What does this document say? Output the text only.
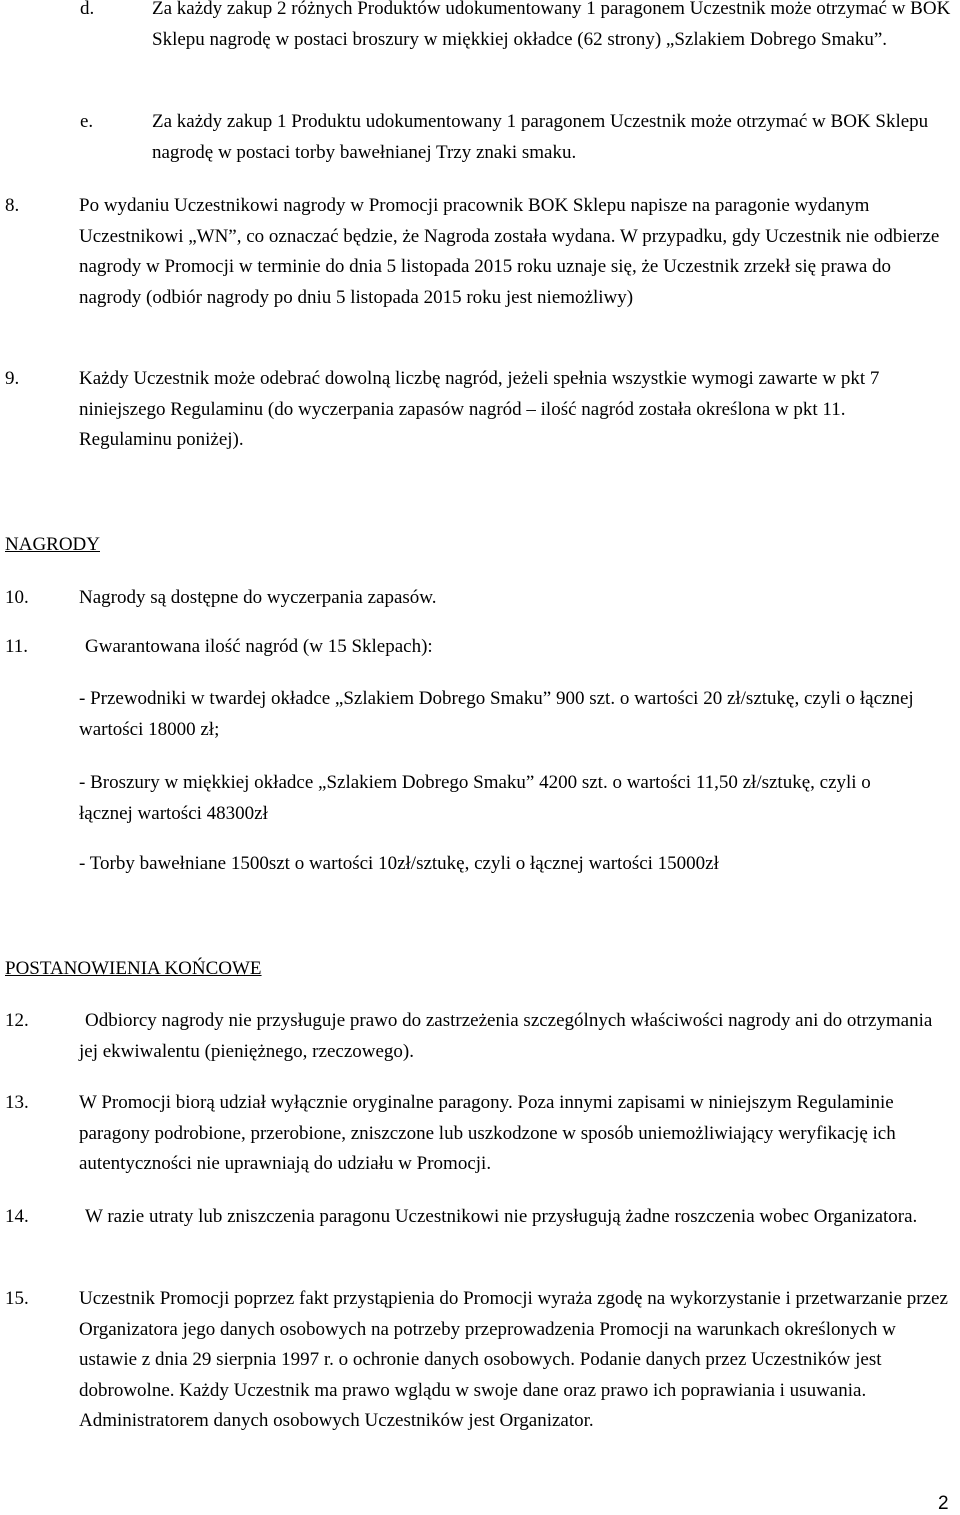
d.	Za każdy zakup 2 różnych Produktów udokumentowany 1 paragonem Uczestnik może otrzymać w BOK Sklepu nagrodę w postaci broszury w miękkiej okładce (62 strony) „Szlakiem Dobrego Smaku”.
e.	Za każdy zakup 1 Produktu udokumentowany 1 paragonem Uczestnik może otrzymać w BOK Sklepu nagrodę w postaci torby bawełnianej Trzy znaki smaku.
8.	Po wydaniu Uczestnikowi nagrody w Promocji pracownik BOK Sklepu napisze na paragonie wydanym Uczestnikowi „WN”, co oznaczać będzie, że Nagroda została wydana. W przypadku, gdy Uczestnik nie odbierze nagrody w Promocji w terminie do dnia 5 listopada 2015 roku uznaje się, że Uczestnik zrzekł się prawa do nagrody (odbiór nagrody po dniu 5 listopada 2015 roku jest niemożliwy)
9.	Każdy Uczestnik może odebrać dowolną liczbę nagród, jeżeli spełnia wszystkie wymogi zawarte w pkt 7 niniejszego Regulaminu (do wyczerpania zapasów nagród – ilość nagród została określona w pkt 11. Regulaminu poniżej).
NAGRODY
10.	Nagrody są dostępne do wyczerpania zapasów.
11.	Gwarantowana ilość nagród (w 15 Sklepach):
- Przewodniki w twardej okładce „Szlakiem Dobrego Smaku” 900 szt. o wartości 20 zł/sztukę, czyli o łącznej wartości 18000 zł;
- Broszury w miękkiej okładce „Szlakiem Dobrego Smaku” 4200 szt. o wartości 11,50 zł/sztukę, czyli o łącznej wartości 48300zł
- Torby bawełniane 1500szt o wartości 10zł/sztukę, czyli o łącznej wartości 15000zł
POSTANOWIENIA KOŃCOWE
12.	Odbiorcy nagrody nie przysługuje prawo do zastrzeżenia szczególnych właściwości nagrody ani do otrzymania jej ekwiwalentu (pieniężnego, rzeczowego).
13.	W Promocji biorą udział wyłącznie oryginalne paragony. Poza innymi zapisami w niniejszym Regulaminie paragony podrobione, przerobione, zniszczone lub uszkodzone w sposób uniemożliwiający weryfikację ich autentyczności nie uprawniają do udziału w Promocji.
14.	W razie utraty lub zniszczenia paragonu Uczestnikowi nie przysługują żadne roszczenia wobec Organizatora.
15.	Uczestnik Promocji poprzez fakt przystąpienia do Promocji wyraża zgodę na wykorzystanie i przetwarzanie przez Organizatora jego danych osobowych na potrzeby przeprowadzenia Promocji na warunkach określonych w ustawie z dnia 29 sierpnia 1997 r. o ochronie danych osobowych. Podanie danych przez Uczestników jest dobrowolne. Każdy Uczestnik ma prawo wglądu w swoje dane oraz prawo ich poprawiania i usuwania. Administratorem danych osobowych Uczestników jest Organizator.
2
